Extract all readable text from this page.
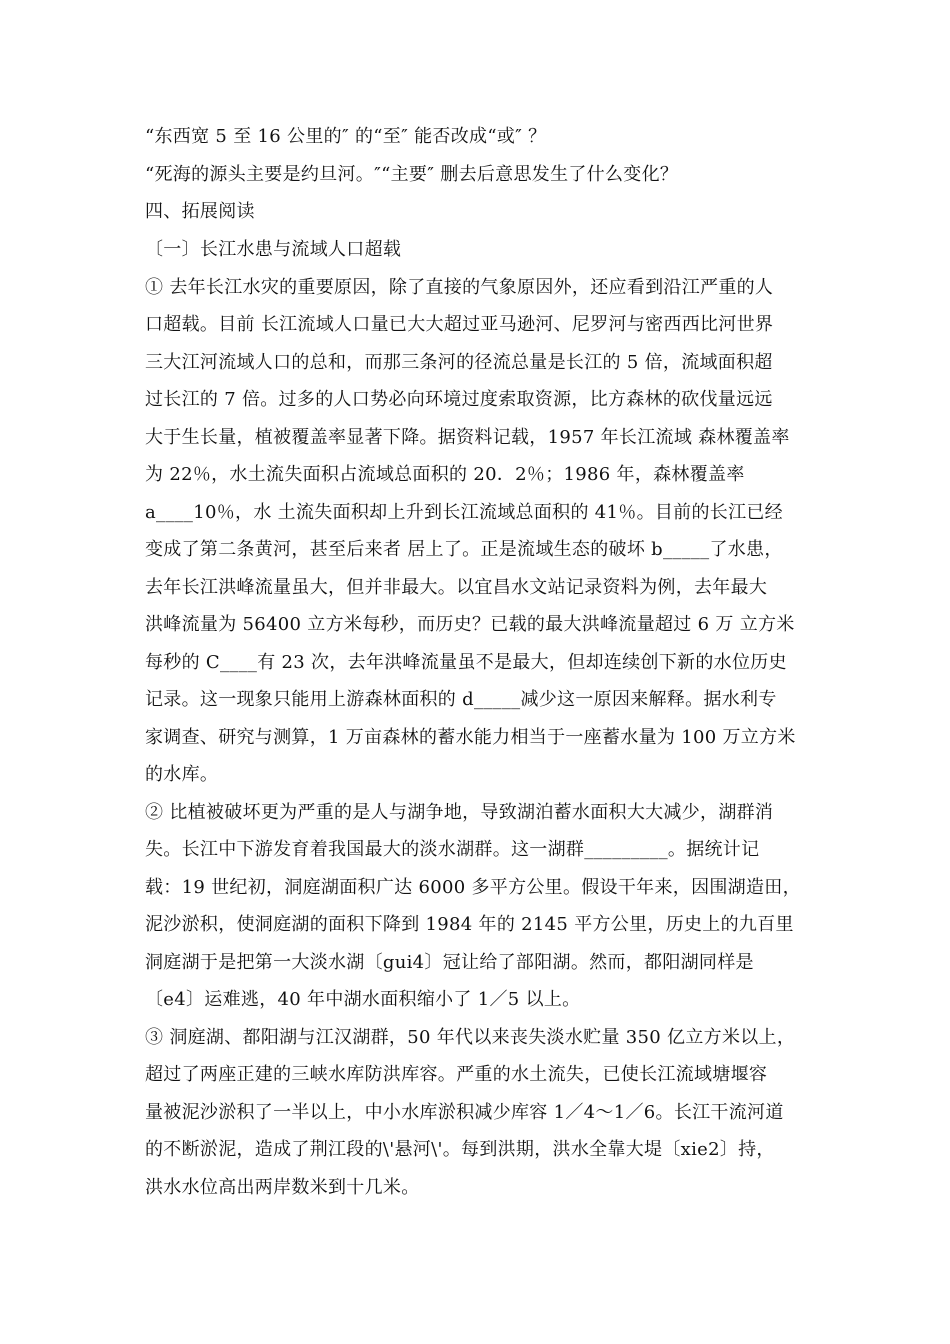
“东西宽 5 至 16 公里的″ 的“至″ 能否改成“或″ ？
“死海的源头主要是约旦河。″“主要″ 删去后意思发生了什么变化？
四、拓展阅读
〔一〕长江水患与流域人口超载
① 去年长江水灾的重要原因，除了直接的气象原因外，还应看到沿江严重的人
口超载。目前 长江流域人口量已大大超过亚马逊河、尼罗河与密西西比河世界
三大江河流域人口的总和，而那三条河的径流总量是长江的 5 倍，流域面积超
过长江的 7 倍。过多的人口势必向环境过度索取资源，比方森林的砍伐量远远
大于生长量，植被覆盖率显著下降。据资料记载，1957 年长江流域 森林覆盖率
为 22％，水土流失面积占流域总面积的 20．2％；1986 年，森林覆盖率
a____10％，水 土流失面积却上升到长江流域总面积的 41％。目前的长江已经
变成了第二条黄河，甚至后来者 居上了。正是流域生态的破坏 b_____了水患，
去年长江洪峰流量虽大，但并非最大。以宜昌水文站记录资料为例，去年最大
洪峰流量为 56400 立方米每秒，而历史？已载的最大洪峰流量超过 6 万 立方米
每秒的 C____有 23 次，去年洪峰流量虽不是最大，但却连续创下新的水位历史
记录。这一现象只能用上游森林面积的 d_____减少这一原因来解释。据水利专
家调查、研究与测算，1 万亩森林的蓄水能力相当于一座蓄水量为 100 万立方米
的水库。
② 比植被破坏更为严重的是人与湖争地，导致湖泊蓄水面积大大减少，湖群消
失。长江中下游发育着我国最大的淡水湖群。这一湖群_________。据统计记
载：19 世纪初，洞庭湖面积广达 6000 多平方公里。假设干年来，因围湖造田，
泥沙淤积，使洞庭湖的面积下降到 1984 年的 2145 平方公里，历史上的九百里
洞庭湖于是把第一大淡水湖〔gui4〕冠让给了部阳湖。然而，都阳湖同样是
〔e4〕运难逃，40 年中湖水面积缩小了 1／5 以上。
③ 洞庭湖、都阳湖与江汉湖群，50 年代以来丧失淡水贮量 350 亿立方米以上，
超过了两座正建的三峡水库防洪库容。严重的水土流失，已使长江流域塘堰容
量被泥沙淤积了一半以上，中小水库淤积减少库容 1／4～1／6。长江干流河道
的不断淤泥，造成了荆江段的\'悬河\'。每到洪期，洪水全靠大堤〔xie2〕持，
洪水水位高出两岸数米到十几米。
